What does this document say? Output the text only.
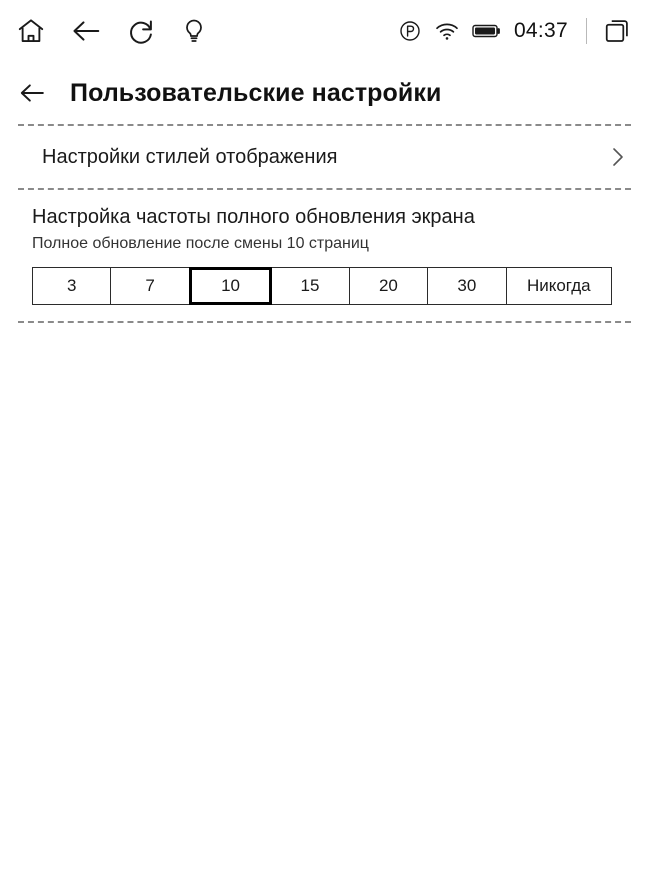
04:37
Пользовательские настройки
Настройки стилей отображения
Настройка частоты полного обновления экрана
Полное обновление после смены 10 страниц
3	7	10	15	20	30	Никогда
